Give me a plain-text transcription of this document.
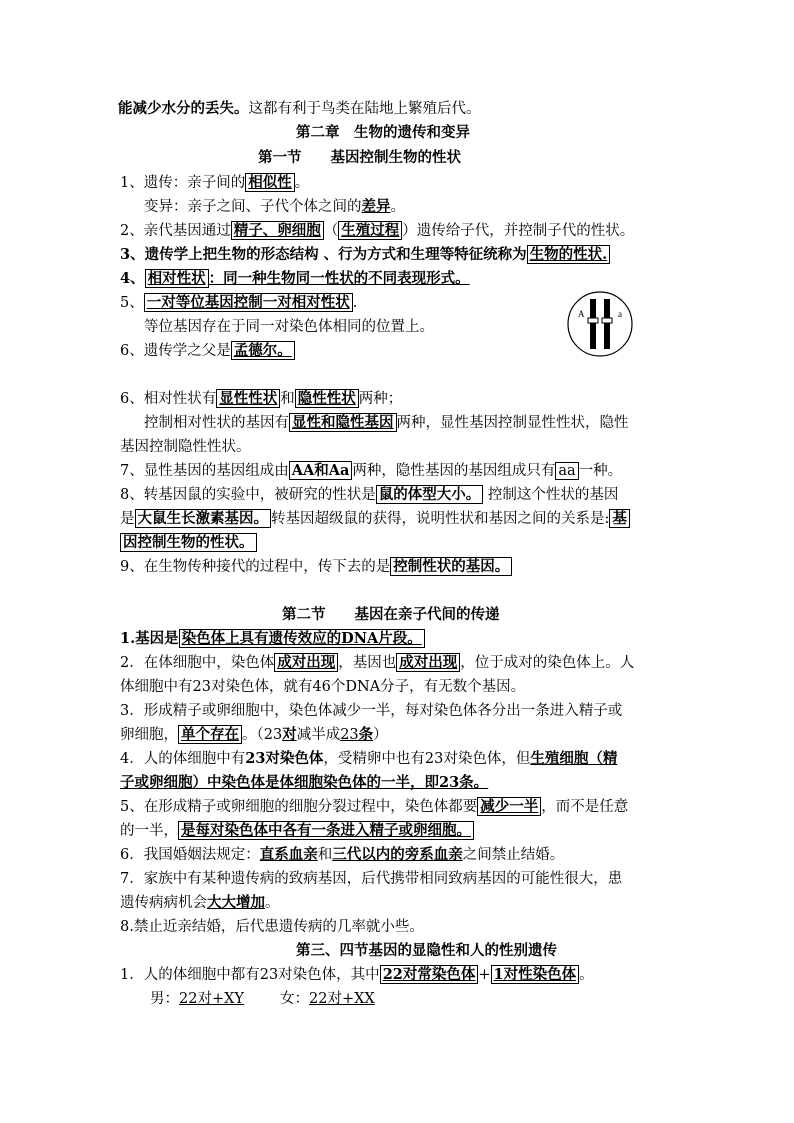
能减少水分的丢失。这都有利于鸟类在陆地上繁殖后代。
第二章　生物的遗传和变异
第一节　　基因控制生物的性状
1、遗传：亲子间的 相似性 。
变异：亲子之间、子代个体之间的差异。
2、亲代基因通过 精子、卵细胞 （ 生殖过程 ）遗传给子代，并控制子代的性状。
3、遗传学上把生物的形态结构 、行为方式和生理等特征统称为 生物的性状.
4、 相对性状 ：同一种生物同一性状的不同表现形式。
5、 一对等位基因控制一对相对性状 .
等位基因存在于同一对染色体相同的位置上。
6、遗传学之父是 孟德尔。
A	a
6、相对性状有 显性性状 和 隐性性状 两种；
控制相对性状的基因有 显性和隐性基因 两种，显性基因控制显性性状，隐性
基因控制隐性性状。
7、显性基因的基因组成由 AA和Aa 两种，隐性基因的基因组成只有 aa 一种。
8、转基因鼠的实验中，被研究的性状是 鼠的体型大小。 控制这个性状的基因
是 大鼠生长激素基因。 转基因超级鼠的获得，说明性状和基因之间的关系是: 基
因控制生物的性状。
9、在生物传种接代的过程中，传下去的是 控制性状的基因。
第二节　　基因在亲子代间的传递
1.基因是 染色体上具有遗传效应的DNA片段。
2．在体细胞中，染色体 成对出现 ，基因也 成对出现 ，位于成对的染色体上。人
体细胞中有23对染色体，就有46个DNA分子，有无数个基因。
3．形成精子或卵细胞中，染色体减少一半，每对染色体各分出一条进入精子或
卵细胞， 单个存在 。（23对减半成23条）
4．人的体细胞中有23对染色体，受精卵中也有23对染色体，但生殖细胞（精
子或卵细胞）中染色体是体细胞染色体的一半，即23条。
5、在形成精子或卵细胞的细胞分裂过程中，染色体都要 减少一半 ，而不是任意
的一半， 是每对染色体中各有一条进入精子或卵细胞。
6．我国婚姻法规定：直系血亲和三代以内的旁系血亲之间禁止结婚。
7．家族中有某种遗传病的致病基因，后代携带相同致病基因的可能性很大，患
遗传病病机会大大增加。
8.禁止近亲结婚，后代患遗传病的几率就小些。
第三、四节基因的显隐性和人的性别遗传
1．人的体细胞中都有23对染色体，其中 22对常染色体 + 1对性染色体 。
男：22对+XY 女：22对+XX
